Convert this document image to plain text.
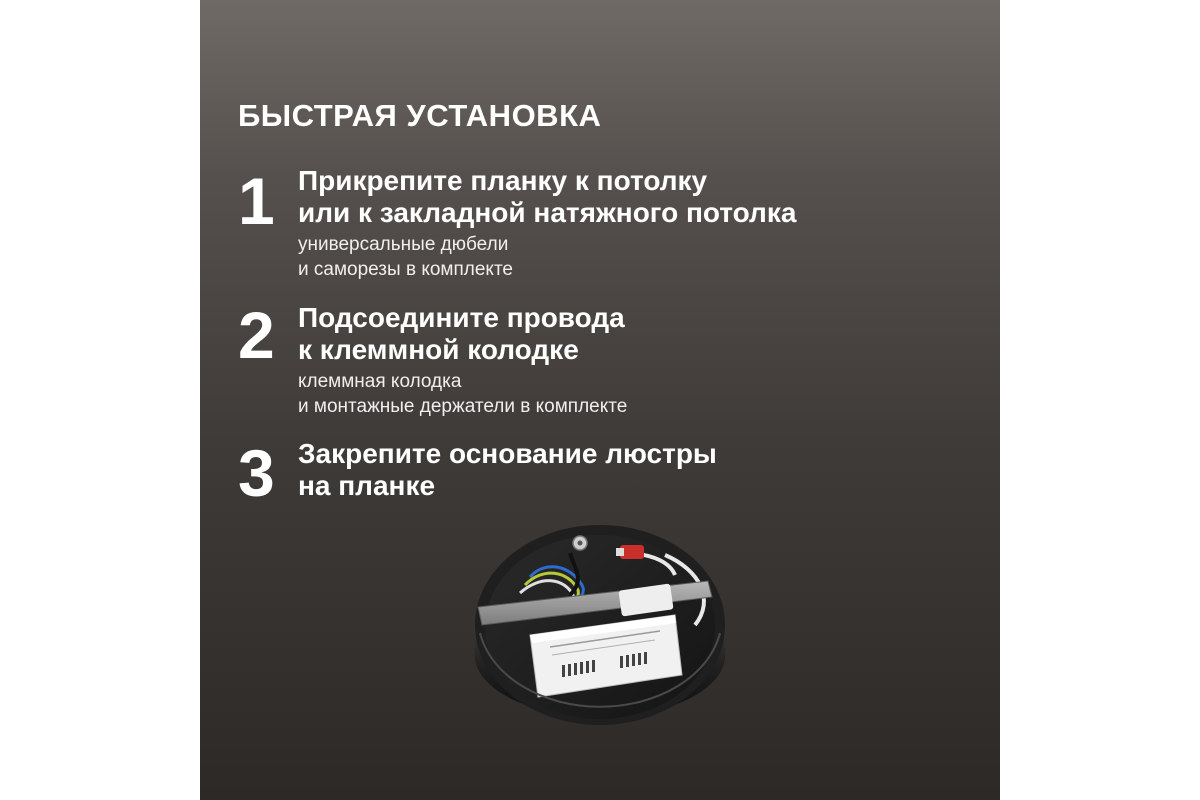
БЫСТРАЯ УСТАНОВКА
1 Прикрепите планку к потолку
или к закладной натяжного потолка
универсальные дюбели
и саморезы в комплекте
2 Подсоедините провода
к клеммной колодке
клеммная колодка
и монтажные держатели в комплекте
3 Закрепите основание люстры
на планке
